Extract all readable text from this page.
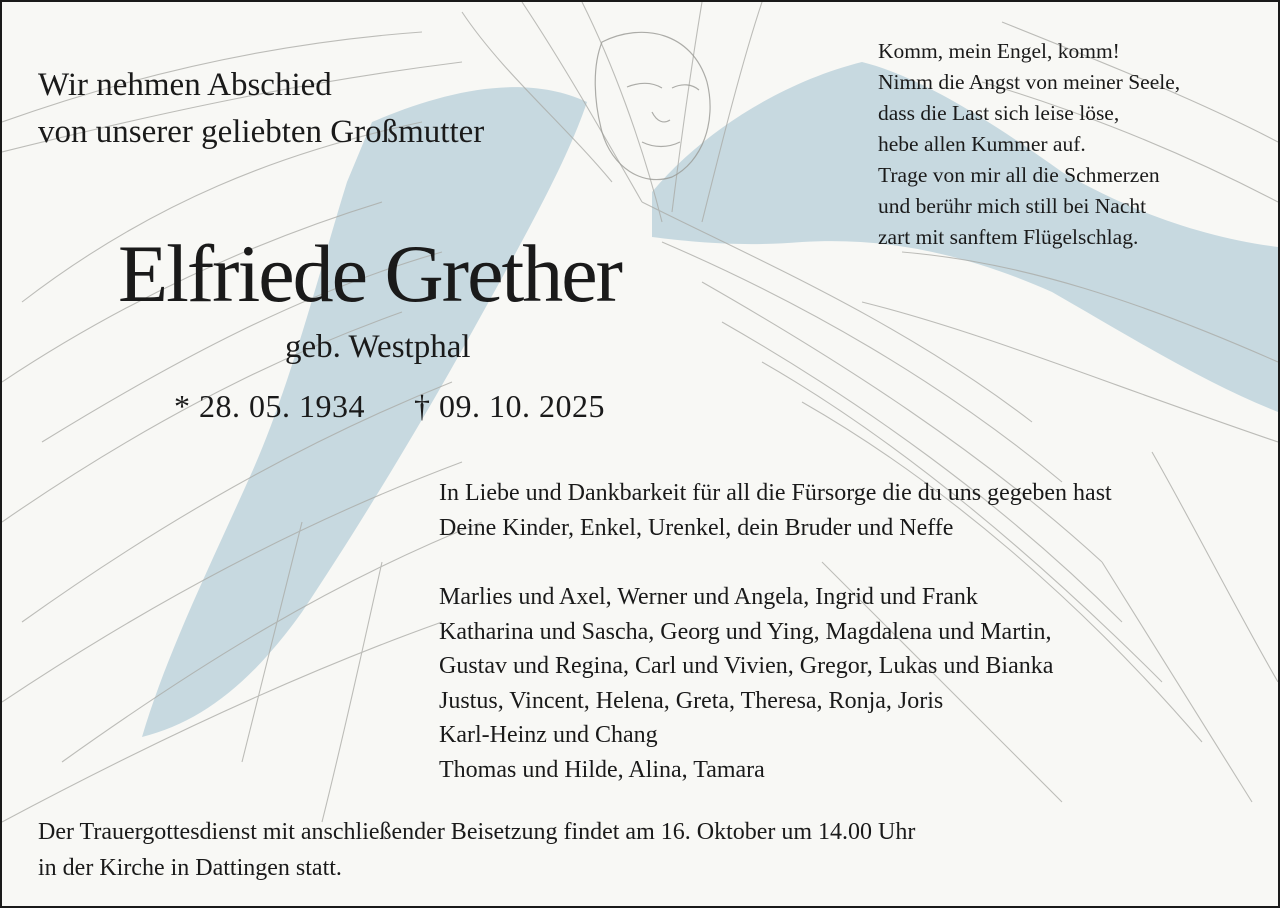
Wir nehmen Abschied
von unserer geliebten Großmutter
Elfriede Grether
geb. Westphal
* 28. 05. 1934 † 09. 10. 2025
Komm, mein Engel, komm!
Nimm die Angst von meiner Seele,
dass die Last sich leise löse,
hebe allen Kummer auf.
Trage von mir all die Schmerzen
und berühr mich still bei Nacht
zart mit sanftem Flügelschlag.
In Liebe und Dankbarkeit für all die Fürsorge die du uns gegeben hast
Deine Kinder, Enkel, Urenkel, dein Bruder und Neffe
Marlies und Axel, Werner und Angela, Ingrid und Frank
Katharina und Sascha, Georg und Ying, Magdalena und Martin,
Gustav und Regina, Carl und Vivien, Gregor, Lukas und Bianka
Justus, Vincent, Helena, Greta, Theresa, Ronja, Joris
Karl-Heinz und Chang
Thomas und Hilde, Alina, Tamara
Der Trauergottesdienst mit anschließender Beisetzung findet am 16. Oktober um 14.00 Uhr
in der Kirche in Dattingen statt.
